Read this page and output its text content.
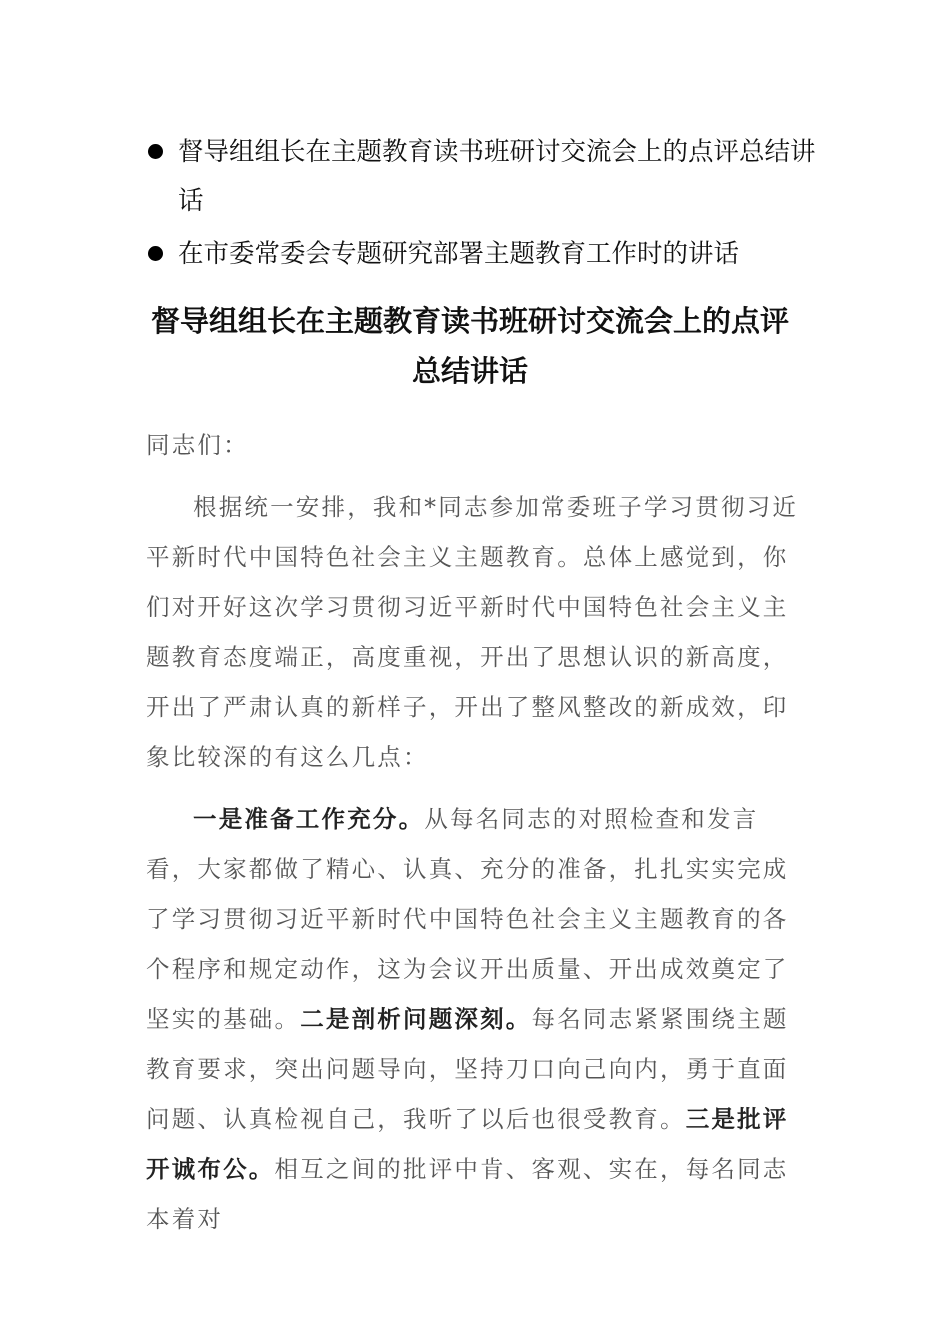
督导组组长在主题教育读书班研讨交流会上的点评总结讲话
在市委常委会专题研究部署主题教育工作时的讲话
督导组组长在主题教育读书班研讨交流会上的点评总结讲话

同志们：

根据统一安排，我和*同志参加常委班子学习贯彻习近平新时代中国特色社会主义主题教育。总体上感觉到，你们对开好这次学习贯彻习近平新时代中国特色社会主义主题教育态度端正，高度重视，开出了思想认识的新高度，开出了严肃认真的新样子，开出了整风整改的新成效，印象比较深的有这么几点：

一是准备工作充分。从每名同志的对照检查和发言看，大家都做了精心、认真、充分的准备，扎扎实实完成了学习贯彻习近平新时代中国特色社会主义主题教育的各个程序和规定动作，这为会议开出质量、开出成效奠定了坚实的基础。二是剖析问题深刻。每名同志紧紧围绕主题教育要求，突出问题导向，坚持刀口向己向内，勇于直面问题、认真检视自己，我听了以后也很受教育。三是批评开诚布公。相互之间的批评中肯、客观、实在，每名同志本着对
